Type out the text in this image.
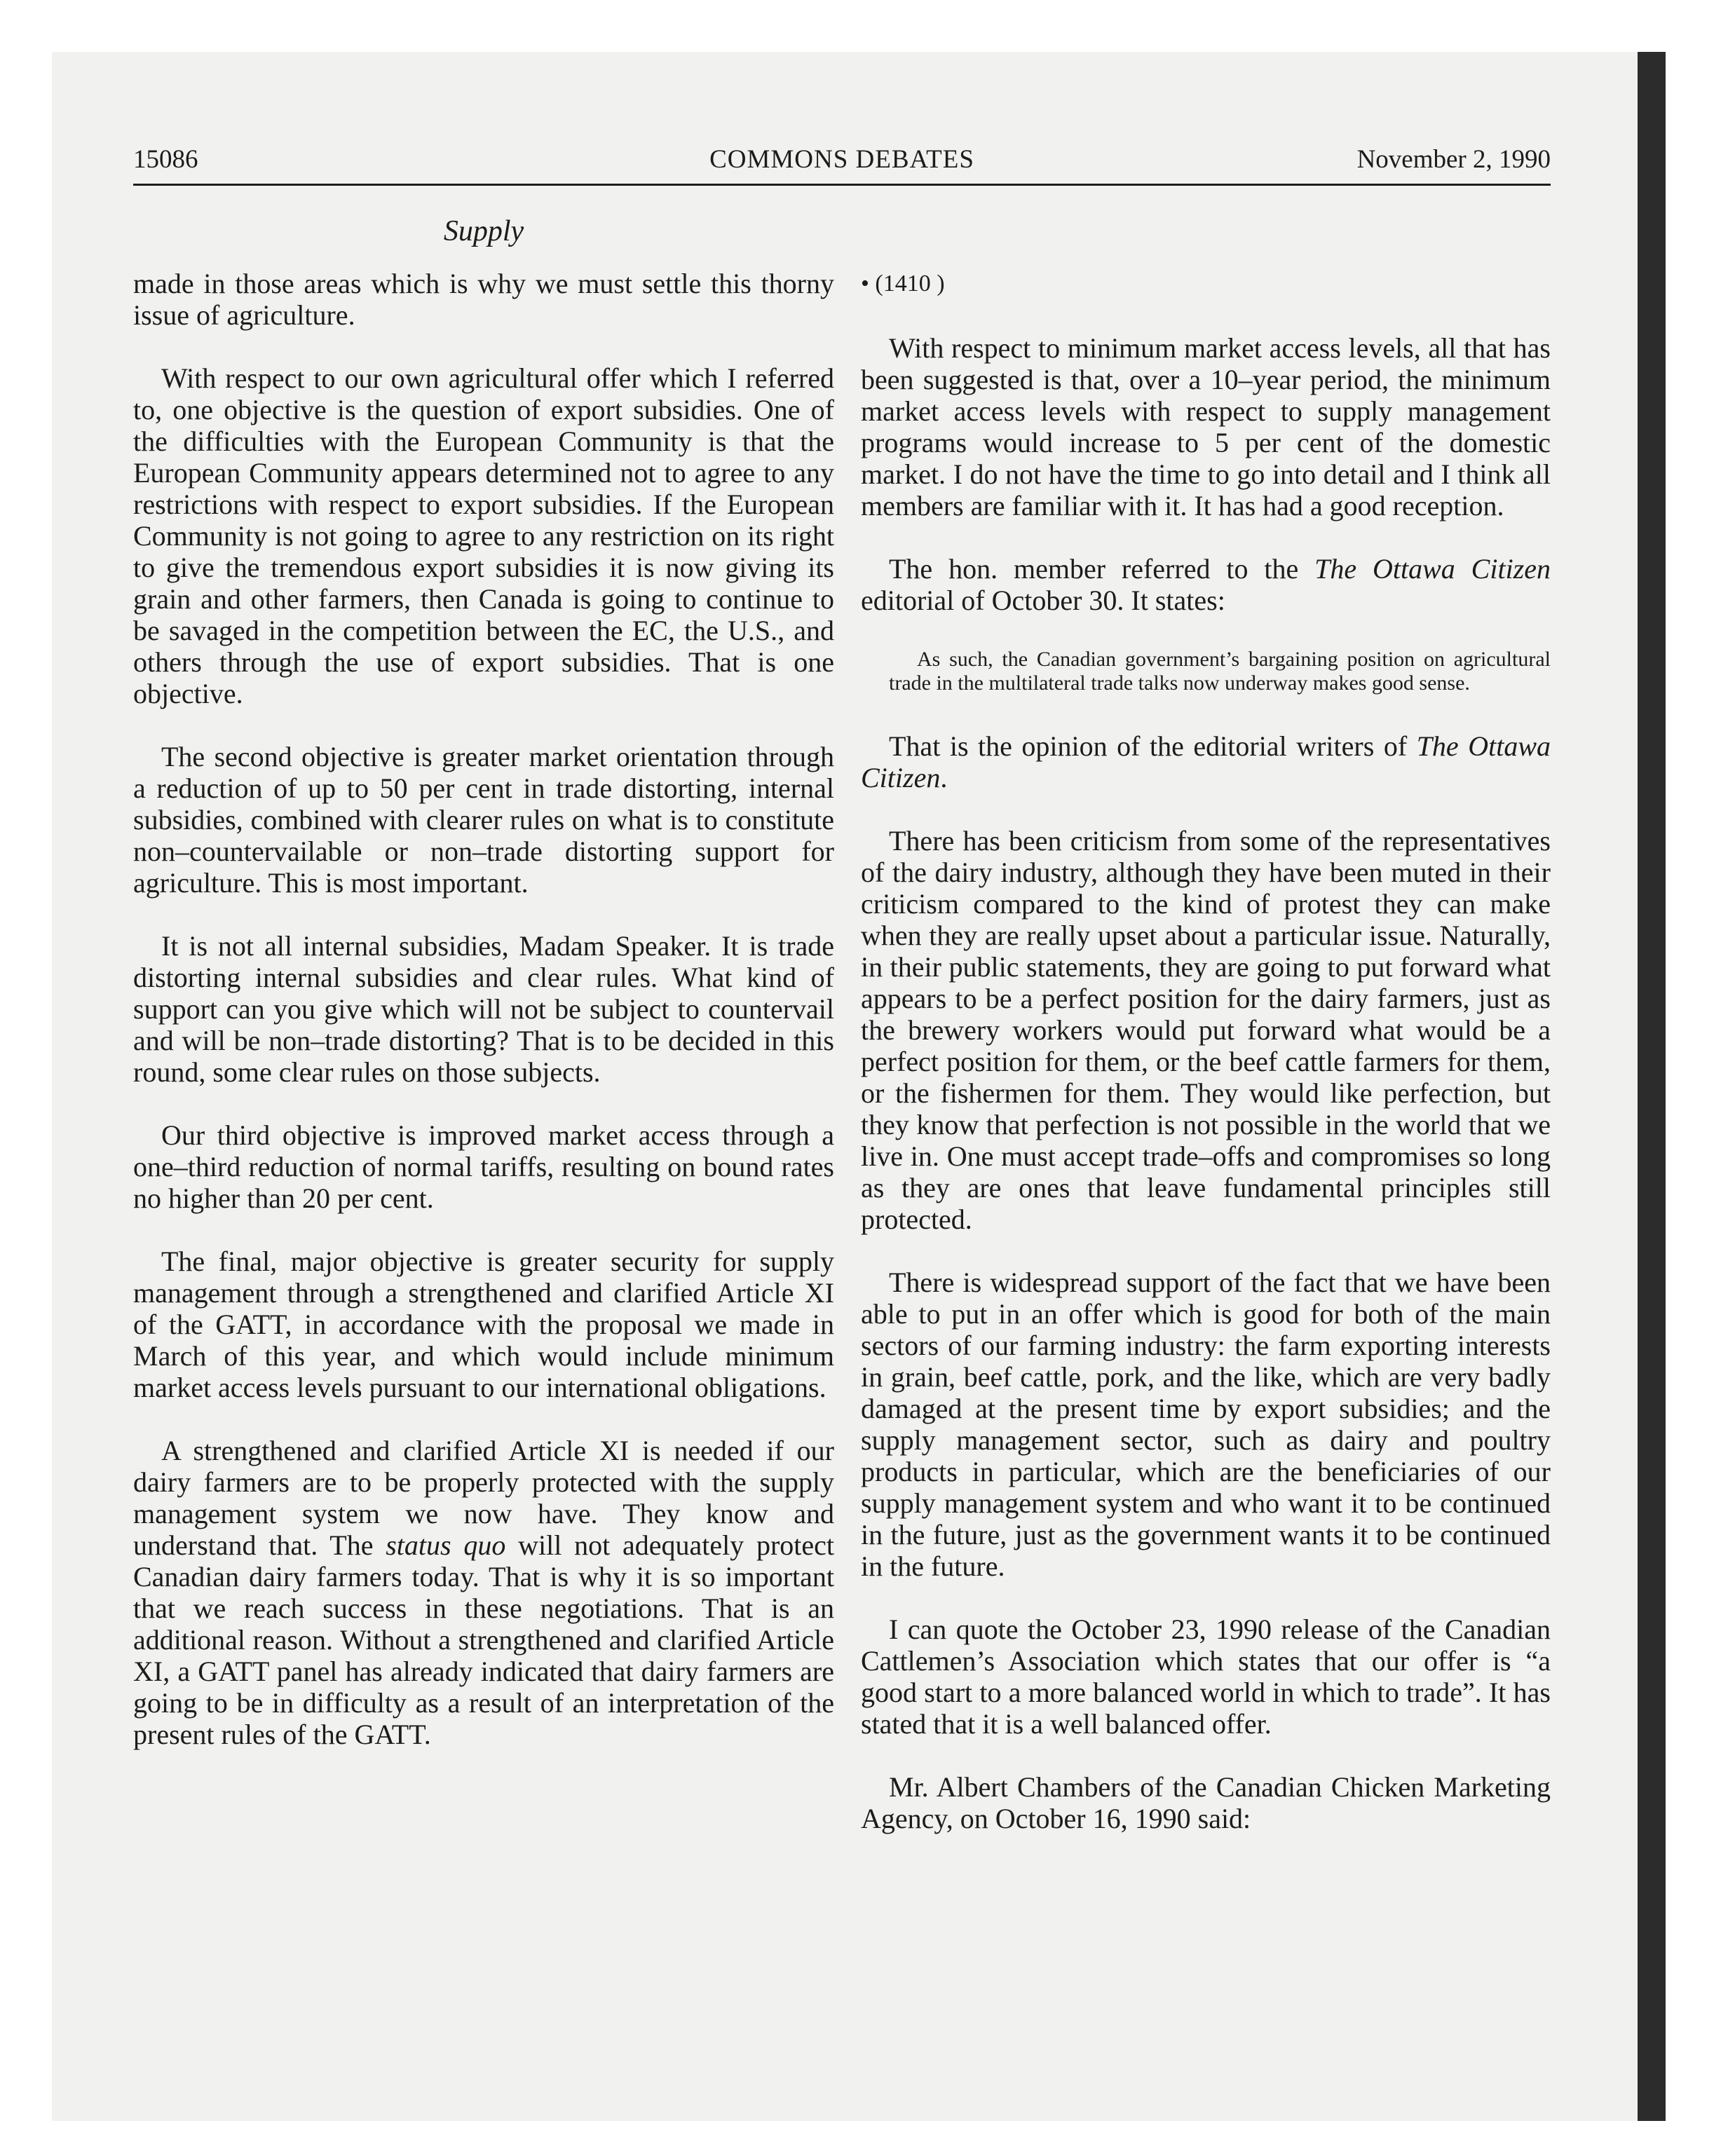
COMMONS DEBATES
15086	November 2, 1990
Supply

made in those areas which is why we must settle this thorny issue of agriculture.

With respect to our own agricultural offer which I referred to, one objective is the question of export subsidies. One of the difficulties with the European Community is that the European Community appears determined not to agree to any restrictions with respect to export subsidies. If the European Community is not going to agree to any restriction on its right to give the tremendous export subsidies it is now giving its grain and other farmers, then Canada is going to continue to be savaged in the competition between the EC, the U.S., and others through the use of export subsidies. That is one objective.

The second objective is greater market orientation through a reduction of up to 50 per cent in trade distorting, internal subsidies, combined with clearer rules on what is to constitute non–countervailable or non–trade distorting support for agriculture. This is most important.

It is not all internal subsidies, Madam Speaker. It is trade distorting internal subsidies and clear rules. What kind of support can you give which will not be subject to countervail and will be non–trade distorting? That is to be decided in this round, some clear rules on those subjects.

Our third objective is improved market access through a one–third reduction of normal tariffs, resulting on bound rates no higher than 20 per cent.

The final, major objective is greater security for supply management through a strengthened and clarified Article XI of the GATT, in accordance with the proposal we made in March of this year, and which would include minimum market access levels pursuant to our international obligations.

A strengthened and clarified Article XI is needed if our dairy farmers are to be properly protected with the supply management system we now have. They know and understand that. The status quo will not adequately protect Canadian dairy farmers today. That is why it is so important that we reach success in these negotiations. That is an additional reason. Without a strengthened and clarified Article XI, a GATT panel has already indicated that dairy farmers are going to be in difficulty as a result of an interpretation of the present rules of the GATT.

• (1410 )

With respect to minimum market access levels, all that has been suggested is that, over a 10–year period, the minimum market access levels with respect to supply management programs would increase to 5 per cent of the domestic market. I do not have the time to go into detail and I think all members are familiar with it. It has had a good reception.

The hon. member referred to the The Ottawa Citizen editorial of October 30. It states:

As such, the Canadian government’s bargaining position on agricultural trade in the multilateral trade talks now underway makes good sense.

That is the opinion of the editorial writers of The Ottawa Citizen.

There has been criticism from some of the representatives of the dairy industry, although they have been muted in their criticism compared to the kind of protest they can make when they are really upset about a particular issue. Naturally, in their public statements, they are going to put forward what appears to be a perfect position for the dairy farmers, just as the brewery workers would put forward what would be a perfect position for them, or the beef cattle farmers for them, or the fishermen for them. They would like perfection, but they know that perfection is not possible in the world that we live in. One must accept trade–offs and compromises so long as they are ones that leave fundamental principles still protected.

There is widespread support of the fact that we have been able to put in an offer which is good for both of the main sectors of our farming industry: the farm exporting interests in grain, beef cattle, pork, and the like, which are very badly damaged at the present time by export subsidies; and the supply management sector, such as dairy and poultry products in particular, which are the beneficiaries of our supply management system and who want it to be continued in the future, just as the government wants it to be continued in the future.

I can quote the October 23, 1990 release of the Canadian Cattlemen’s Association which states that our offer is “a good start to a more balanced world in which to trade”. It has stated that it is a well balanced offer.

Mr. Albert Chambers of the Canadian Chicken Marketing Agency, on October 16, 1990 said:
